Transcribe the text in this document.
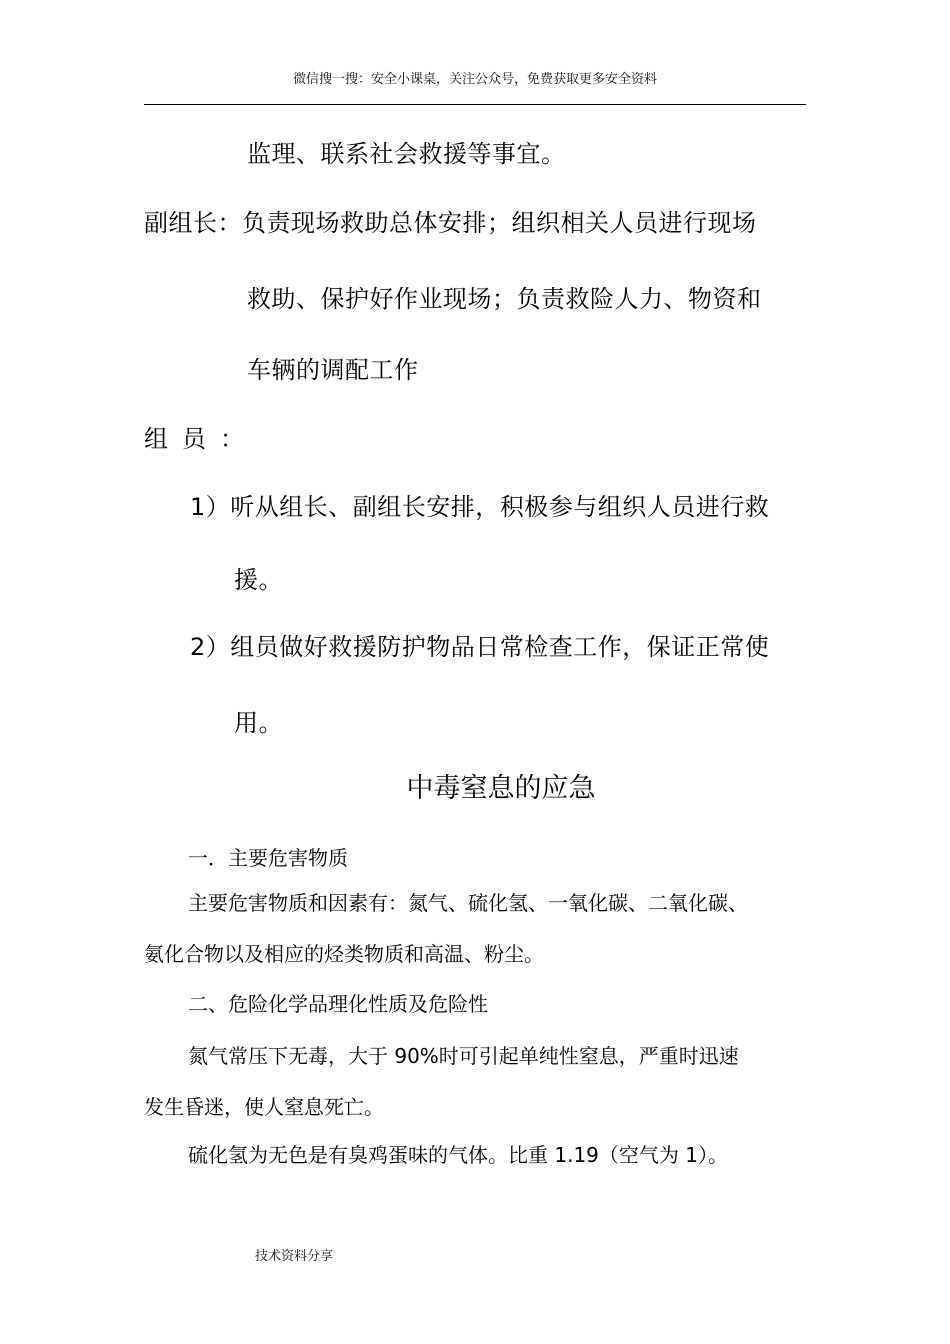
微信搜一搜：安全小课桌，关注公众号，免费获取更多安全资料
监理、联系社会救援等事宜。
副组长：负责现场救助总体安排；组织相关人员进行现场
救助、保护好作业现场；负责救险人力、物资和
车辆的调配工作
组员：
1）听从组长、副组长安排，积极参与组织人员进行救
援。
2）组员做好救援防护物品日常检查工作，保证正常使
用。
中毒窒息的应急
一．主要危害物质
主要危害物质和因素有：氮气、硫化氢、一氧化碳、二氧化碳、
氨化合物以及相应的烃类物质和高温、粉尘。
二、危险化学品理化性质及危险性
氮气常压下无毒，大于 90%时可引起单纯性窒息，严重时迅速
发生昏迷，使人窒息死亡。
硫化氢为无色是有臭鸡蛋味的气体。比重 1.19（空气为 1）。
技术资料分享
